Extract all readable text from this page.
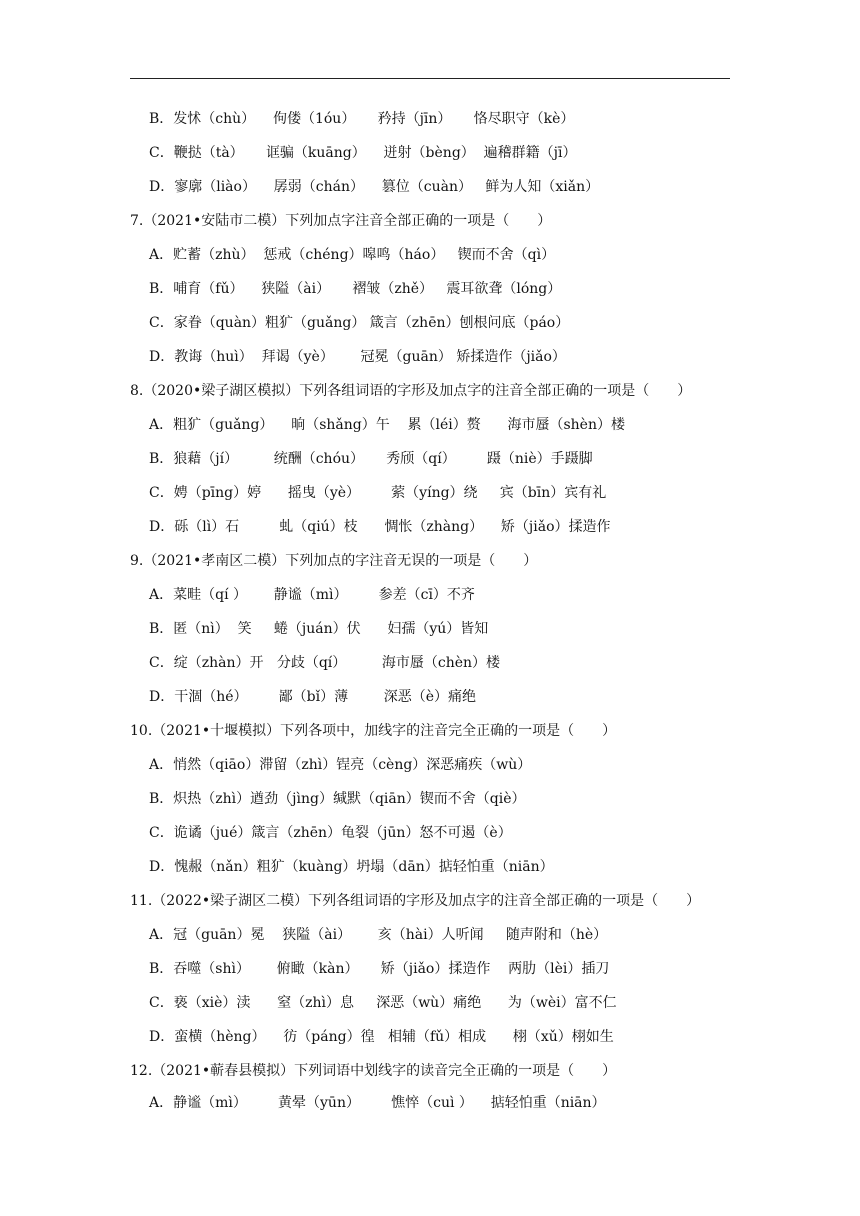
B．发怵（chù）    佝偻（1óu）     矜持（jīn）     恪尽职守（kè）
C．鞭挞（tà）     诓骗（kuāng）    迸射（bèng）  遍稽群籍（jī）
D．寥廓（liào）    孱弱（chán）    篡位（cuàn）   鲜为人知（xiǎn）
7.（2021•安陆市二模）下列加点字注音全部正确的一项是（　　）
A．贮蓄（zhù）  惩戒（chéng）嗥鸣（háo）   锲而不舍（qì）
B．哺育（fǔ）    狭隘（ài）     褶皱（zhě）   震耳欲聋（lóng）
C．家眷（quàn）粗犷（guǎng） 箴言（zhēn）刨根问底（páo）
D．教诲（huì）  拜谒（yè）      冠冕（guān） 矫揉造作（jiǎo）
8.（2020•梁子湖区模拟）下列各组词语的字形及加点字的注音全部正确的一项是（　　）
A．粗犷（guǎng）    晌（shǎng）午    累（léi）赘      海市蜃（shèn）楼
B．狼藉（jí）        统酬（chóu）     秀颀（qí）       蹑（niè）手蹑脚
C．娉（pīng）婷      摇曳（yè）       萦（yíng）绕     宾（bīn）宾有礼
D．砾（lì）石         虬（qiú）枝      惆怅（zhàng）    矫（jiǎo）揉造作
9.（2021•孝南区二模）下列加点的字注音无误的一项是（　　）
A．菜畦（qí ）      静谧（mì）       参差（cī）不齐
B．匿（nì）  笑     蜷（juán）伏      妇孺（yú）皆知
C．绽（zhàn）开   分歧（qí）        海市蜃（chèn）楼
D．干涸（hé）       鄙（bǐ）薄        深恶（è）痛绝
10.（2021•十堰模拟）下列各项中，加线字的注音完全正确的一项是（　　）
A．悄然（qiāo）滞留（zhì）锃亮（cèng）深恶痛疾（wù）
B．炽热（zhì）遒劲（jìng）缄默（qiān）锲而不舍（qiè）
C．诡谲（jué）箴言（zhēn）龟裂（jūn）怒不可遏（è）
D．愧赧（nǎn）粗犷（kuàng）坍塌（dān）掂轻怕重（niān）
11.（2022•梁子湖区二模）下列各组词语的字形及加点字的注音全部正确的一项是（　　）
A．冠（guān）冕    狭隘（ài）      亥（hài）人听闻     随声附和（hè）
B．吞噬（shì）      俯瞰（kàn）     矫（jiǎo）揉造作    两肋（lèi）插刀
C．亵（xiè）渎      窒（zhì）息     深恶（wù）痛绝      为（wèi）富不仁
D．蛮横（hèng）    彷（páng）徨   相辅（fǔ）相成      栩（xǔ）栩如生
12.（2021•蕲春县模拟）下列词语中划线字的读音完全正确的一项是（　　）
A．静谧（mì）       黄晕（yūn）       憔悴（cuì ）    掂轻怕重（niān）
